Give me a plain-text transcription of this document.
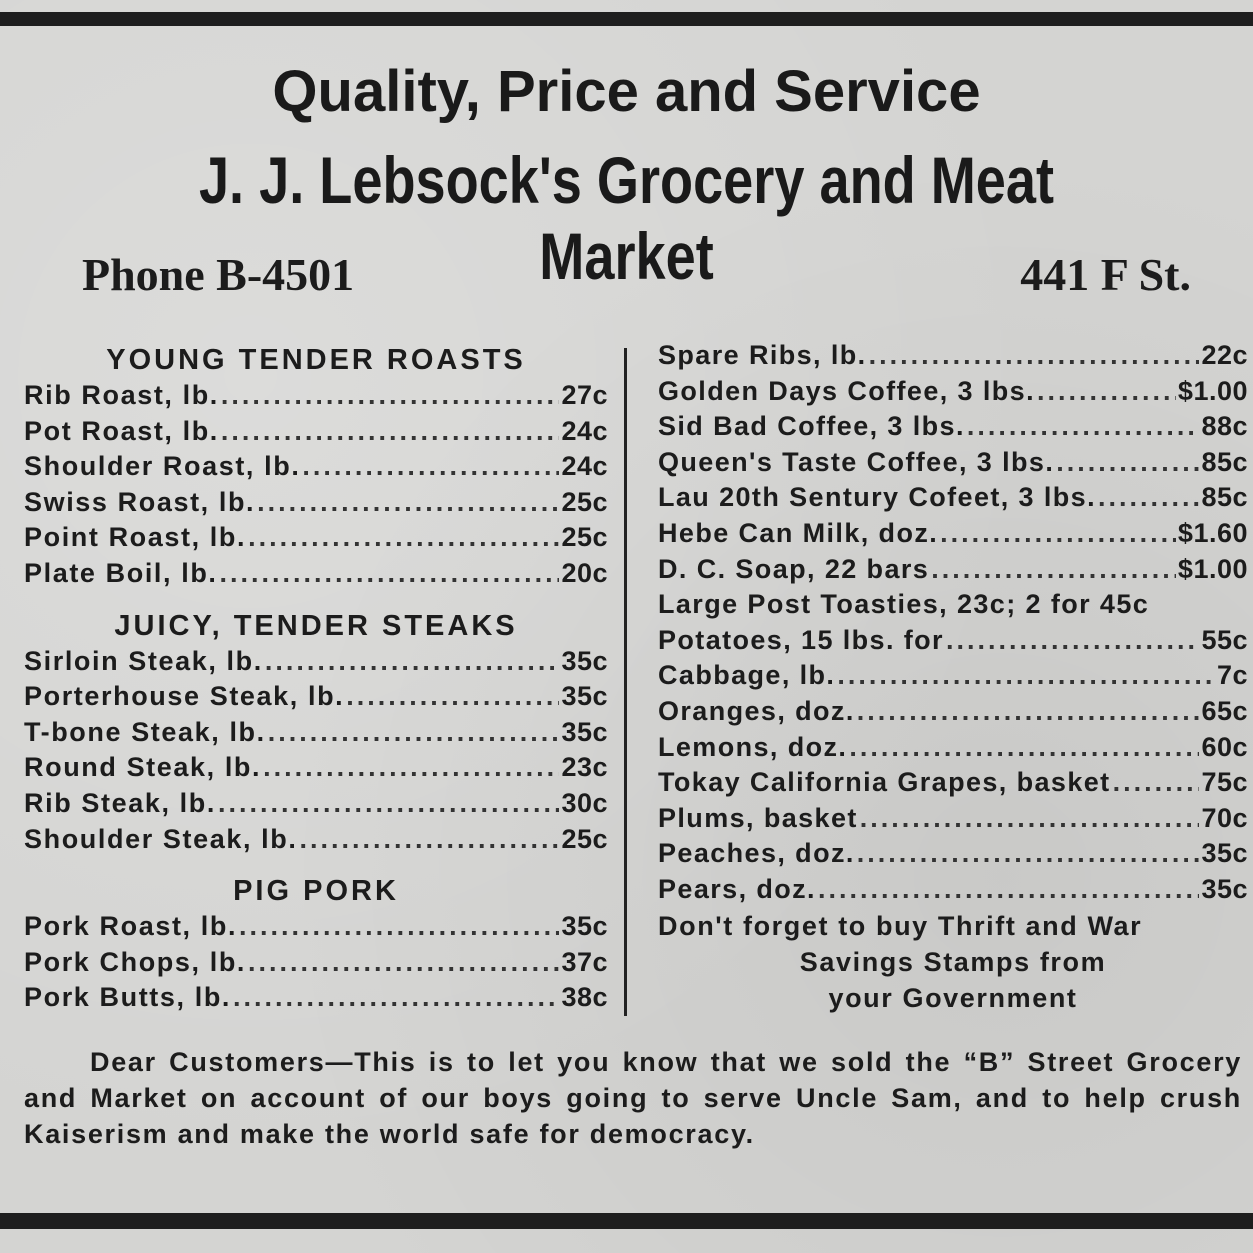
Quality, Price and Service
J. J. Lebsock's Grocery and Meat Market
Phone B-4501	441 F St.
YOUNG TENDER ROASTS
Rib Roast, lb. .....	27c
Pot Roast, lb. .....	24c
Shoulder Roast, lb. .....	24c
Swiss Roast, lb. .....	25c
Point Roast, lb. .....	25c
Plate Boil, lb. .....	20c
JUICY, TENDER STEAKS
Sirloin Steak, lb. .....	35c
Porterhouse Steak, lb. .....	35c
T-bone Steak, lb. .....	35c
Round Steak, lb. .....	23c
Rib Steak, lb. .....	30c
Shoulder Steak, lb. .....	25c
PIG PORK
Pork Roast, lb. .....	35c
Pork Chops, lb. .....	37c
Pork Butts, lb. .....	38c
Spare Ribs, lb. .....	22c
Golden Days Coffee, 3 lbs. .....	$1.00
Sid Bad Coffee, 3 lbs. .....	88c
Queen's Taste Coffee, 3 lbs. .....	85c
Lau 20th Sentury Cofeet, 3 lbs. .....	85c
Hebe Can Milk, doz. .....	$1.60
D. C. Soap, 22 bars .....	$1.00
Large Post Toasties, 23c; 2 for 45c
Potatoes, 15 lbs. for .....	55c
Cabbage, lb. .....	7c
Oranges, doz. .....	65c
Lemons, doz. .....	60c
Tokay California Grapes, basket .....	75c
Plums, basket .....	70c
Peaches, doz. .....	35c
Pears, doz. .....	35c
Don't forget to buy Thrift and War
Savings Stamps from
your Government
Dear Customers—This is to let you know that we sold the “B” Street Grocery and Market on account of our boys going to serve Uncle Sam, and to help crush Kaiserism and make the world safe for democracy.
